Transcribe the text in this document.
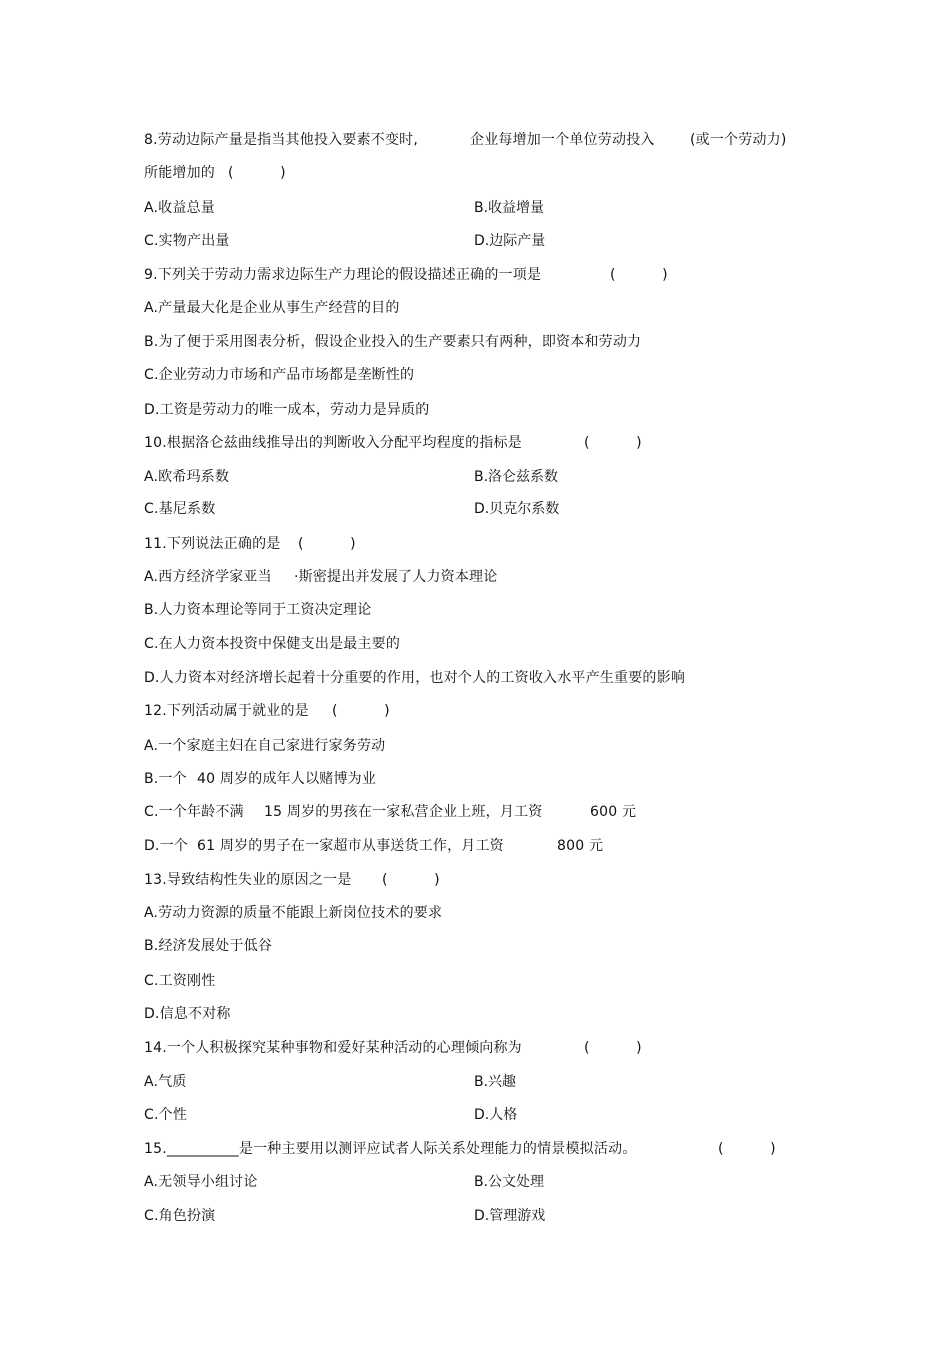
8.劳动边际产量是指当其他投入要素不变时,

	企业每增加一个单位劳动投入

	(或一个劳动力)

所能增加的

(          )

A.收益总量	B.收益增量
C.实物产出量	D.边际产量

9.下列关于劳动力需求边际生产力理论的假设描述正确的一项是

	(          )

A.产量最大化是企业从事生产经营的目的
B.为了便于采用图表分析，假设企业投入的生产要素只有两种，即资本和劳动力
C.企业劳动力市场和产品市场都是垄断性的
D.工资是劳动力的唯一成本，劳动力是异质的

10.根据洛仑兹曲线推导出的判断收入分配平均程度的指标是

	(          )

A.欧希玛系数	B.洛仑兹系数
C.基尼系数	D.贝克尔系数

11.下列说法正确的是

(          )

A.西方经济学家亚当

·斯密提出并发展了人力资本理论

B.人力资本理论等同于工资决定理论
C.在人力资本投资中保健支出是最主要的
D.人力资本对经济增长起着十分重要的作用，也对个人的工资收入水平产生重要的影响

12.下列活动属于就业的是

(          )

A.一个家庭主妇在自己家进行家务劳动

B.一个

40 周岁的成年人以赌博为业

C.一个年龄不满

15 周岁的男孩在一家私营企业上班，月工资

	600 元

D.一个

61 周岁的男子在一家超市从事送货工作，月工资

	800 元

13.导致结构性失业的原因之一是

(          )

A.劳动力资源的质量不能跟上新岗位技术的要求
B.经济发展处于低谷
C.工资刚性
D.信息不对称

14.一个人积极探究某种事物和爱好某种活动的心理倾向称为

	(          )

A.气质	B.兴趣
C.个性	D.人格

15.__________是一种主要用以测评应试者人际关系处理能力的情景模拟活动。

	(          )

A.无领导小组讨论	B.公文处理
C.角色扮演	D.管理游戏
